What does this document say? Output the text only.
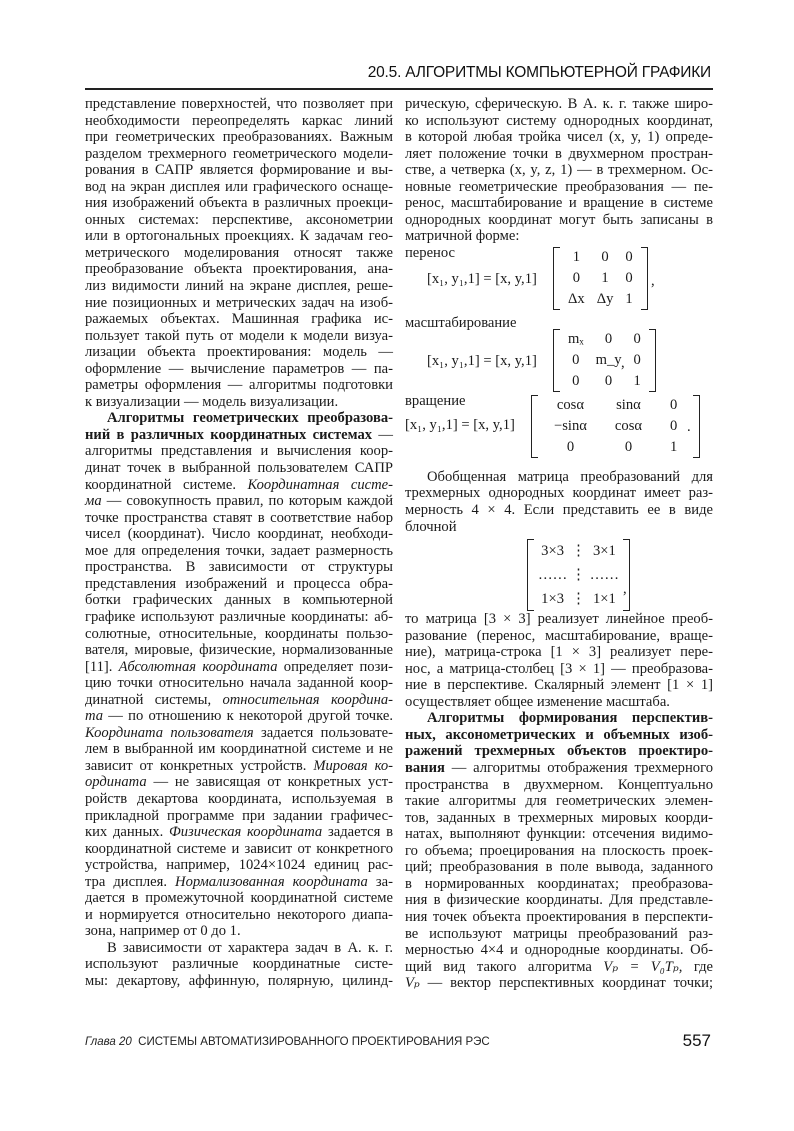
20.5. АЛГОРИТМЫ КОМПЬЮТЕРНОЙ ГРАФИКИ
представление поверхностей, что позволяет при
необходимости переопределять каркас линий
при геометрических преобразованиях. Важным
разделом трехмерного геометрического модели-
рования в САПР является формирование и вы-
вод на экран дисплея или графического оснаще-
ния изображений объекта в различных проекци-
онных системах: перспективе, аксонометрии
или в ортогональных проекциях. К задачам гео-
метрического моделирования относят также
преобразование объекта проектирования, ана-
лиз видимости линий на экране дисплея, реше-
ние позиционных и метрических задач на изоб-
ражаемых объектах. Машинная графика ис-
пользует такой путь от модели к модели визуа-
лизации объекта проектирования: модель —
оформление — вычисление параметров — па-
раметры оформления — алгоритмы подготовки
к визуализации — модель визуализации.
Алгоритмы геометрических преобразова-
ний в различных координатных системах —
алгоритмы представления и вычисления коор-
динат точек в выбранной пользователем САПР
координатной системе. Координатная систе-
ма — совокупность правил, по которым каждой
точке пространства ставят в соответствие набор
чисел (координат). Число координат, необходи-
мое для определения точки, задает размерность
пространства. В зависимости от структуры
представления изображений и процесса обра-
ботки графических данных в компьютерной
графике используют различные координаты: аб-
солютные, относительные, координаты пользо-
вателя, мировые, физические, нормализованные
[11]. Абсолютная координата определяет пози-
цию точки относительно начала заданной коор-
динатной системы, относительная координа-
та — по отношению к некоторой другой точке.
Координата пользователя задается пользовате-
лем в выбранной им координатной системе и не
зависит от конкретных устройств. Мировая ко-
ордината — не зависящая от конкретных уст-
ройств декартова координата, используемая в
прикладной программе при задании графичес-
ких данных. Физическая координата задается в
координатной системе и зависит от конкретного
устройства, например, 1024×1024 единиц рас-
тра дисплея. Нормализованная координата за-
дается в промежуточной координатной системе
и нормируется относительно некоторого диапа-
зона, например от 0 до 1.
В зависимости от характера задач в А. к. г.
используют различные координатные систе-
мы: декартову, аффинную, полярную, цилинд-
рическую, сферическую. В А. к. г. также широ-
ко используют систему однородных координат,
в которой любая тройка чисел (x, y, 1) опреде-
ляет положение точки в двухмерном простран-
стве, а четверка (x, y, z, 1) — в трехмерном. Ос-
новные геометрические преобразования — пе-
ренос, масштабирование и вращение в системе
однородных координат могут быть записаны в
матричной форме:
перенос
[x₁, y₁,1] = [x, y,1]
1	0	0
0	1	0
Δx	Δy	1
,
масштабирование
[x₁, y₁,1] = [x, y,1]
mₓ	0	0
0	m_y	0
0	0	1
,
вращение
[x₁, y₁,1] = [x, y,1]
cosα	sinα	0
−sinα	cosα	0
0	0	1
.
Обобщенная матрица преобразований для
трехмерных однородных координат имеет раз-
мерность 4 × 4. Если представить ее в виде
блочной
3×3	⋮	3×1
……	⋮	……
1×3	⋮	1×1
,
то матрица [3 × 3] реализует линейное преоб-
разование (перенос, масштабирование, враще-
ние), матрица-строка [1 × 3] реализует пере-
нос, а матрица-столбец [3 × 1] — преобразова-
ние в перспективе. Скалярный элемент [1 × 1]
осуществляет общее изменение масштаба.
Алгоритмы формирования перспектив-
ных, аксонометрических и объемных изоб-
ражений трехмерных объектов проектиро-
вания — алгоритмы отображения трехмерного
пространства в двухмерном. Концептуально
такие алгоритмы для геометрических элемен-
тов, заданных в трехмерных мировых коорди-
натах, выполняют функции: отсечения видимо-
го объема; проецирования на плоскость проек-
ций; преобразования в поле вывода, заданного
в нормированных координатах; преобразова-
ния в физические координаты. Для представле-
ния точек объекта проектирования в перспекти-
ве используют матрицы преобразований раз-
мерностью 4×4 и однородные координаты. Об-
щий вид такого алгоритма Vₚ = V₀Tₚ, где
Vₚ — вектор перспективных координат точки;
Глава 20 СИСТЕМЫ АВТОМАТИЗИРОВАННОГО ПРОЕКТИРОВАНИЯ РЭС	557
